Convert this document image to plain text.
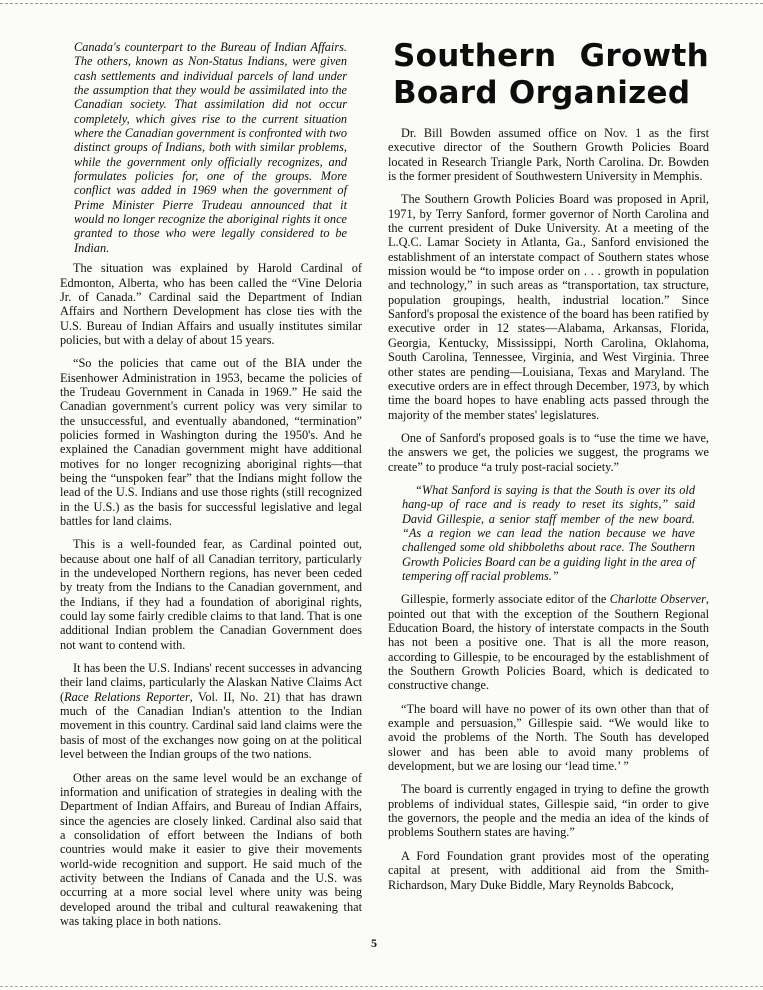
Canada's counterpart to the Bureau of Indian Affairs. The others, known as Non-Status Indians, were given cash settlements and individual parcels of land under the assumption that they would be assimilated into the Canadian society. That assimilation did not occur completely, which gives rise to the current situation where the Canadian government is confronted with two distinct groups of Indians, both with similar problems, while the government only officially recognizes, and formulates policies for, one of the groups. More conflict was added in 1969 when the government of Prime Minister Pierre Trudeau announced that it would no longer recognize the aboriginal rights it once granted to those who were legally considered to be Indian.

The situation was explained by Harold Cardinal of Edmonton, Alberta, who has been called the “Vine Deloria Jr. of Canada.” Cardinal said the Department of Indian Affairs and Northern Development has close ties with the U.S. Bureau of Indian Affairs and usually institutes similar policies, but with a delay of about 15 years.

“So the policies that came out of the BIA under the Eisenhower Administration in 1953, became the policies of the Trudeau Government in Canada in 1969.” He said the Canadian government's current policy was very similar to the unsuccessful, and eventually abandoned, “termination” policies formed in Washington during the 1950's. And he explained the Canadian government might have additional motives for no longer recognizing aboriginal rights—that being the “unspoken fear” that the Indians might follow the lead of the U.S. Indians and use those rights (still recognized in the U.S.) as the basis for successful legislative and legal battles for land claims.

This is a well-founded fear, as Cardinal pointed out, because about one half of all Canadian territory, particularly in the undeveloped Northern regions, has never been ceded by treaty from the Indians to the Canadian government, and the Indians, if they had a foundation of aboriginal rights, could lay some fairly credible claims to that land. That is one additional Indian problem the Canadian Government does not want to contend with.

It has been the U.S. Indians' recent successes in advancing their land claims, particularly the Alaskan Native Claims Act (Race Relations Reporter, Vol. II, No. 21) that has drawn much of the Canadian Indian's attention to the Indian movement in this country. Cardinal said land claims were the basis of most of the exchanges now going on at the political level between the Indian groups of the two nations.

Other areas on the same level would be an exchange of information and unification of strategies in dealing with the Department of Indian Affairs, and Bureau of Indian Affairs, since the agencies are closely linked. Cardinal also said that a consolidation of effort between the Indians of both countries would make it easier to give their movements world-wide recognition and support. He said much of the activity between the Indians of Canada and the U.S. was occurring at a more social level where unity was being developed around the tribal and cultural reawakening that was taking place in both nations.

Southern Growth Board Organized

Dr. Bill Bowden assumed office on Nov. 1 as the first executive director of the Southern Growth Policies Board located in Research Triangle Park, North Carolina. Dr. Bowden is the former president of Southwestern University in Memphis.

The Southern Growth Policies Board was proposed in April, 1971, by Terry Sanford, former governor of North Carolina and the current president of Duke University. At a meeting of the L.Q.C. Lamar Society in Atlanta, Ga., Sanford envisioned the establishment of an interstate compact of Southern states whose mission would be “to impose order on . . . growth in population and technology,” in such areas as “transportation, tax structure, population groupings, health, industrial location.” Since Sanford's proposal the existence of the board has been ratified by executive order in 12 states—Alabama, Arkansas, Florida, Georgia, Kentucky, Mississippi, North Carolina, Oklahoma, South Carolina, Tennessee, Virginia, and West Virginia. Three other states are pending—Louisiana, Texas and Maryland. The executive orders are in effect through December, 1973, by which time the board hopes to have enabling acts passed through the majority of the member states' legislatures.

One of Sanford's proposed goals is to “use the time we have, the answers we get, the policies we suggest, the programs we create” to produce “a truly post-racial society.”

“What Sanford is saying is that the South is over its old hang-up of race and is ready to reset its sights,” said David Gillespie, a senior staff member of the new board. “As a region we can lead the nation because we have challenged some old shibboleths about race. The Southern Growth Policies Board can be a guiding light in the area of tempering off racial problems.”

Gillespie, formerly associate editor of the Charlotte Observer, pointed out that with the exception of the Southern Regional Education Board, the history of interstate compacts in the South has not been a positive one. That is all the more reason, according to Gillespie, to be encouraged by the establishment of the Southern Growth Policies Board, which is dedicated to constructive change.

“The board will have no power of its own other than that of example and persuasion,” Gillespie said. “We would like to avoid the problems of the North. The South has developed slower and has been able to avoid many problems of development, but we are losing our ‘lead time.’ ”

The board is currently engaged in trying to define the growth problems of individual states, Gillespie said, “in order to give the governors, the people and the media an idea of the kinds of problems Southern states are having.”

A Ford Foundation grant provides most of the operating capital at present, with additional aid from the Smith-Richardson, Mary Duke Biddle, Mary Reynolds Babcock,

5
